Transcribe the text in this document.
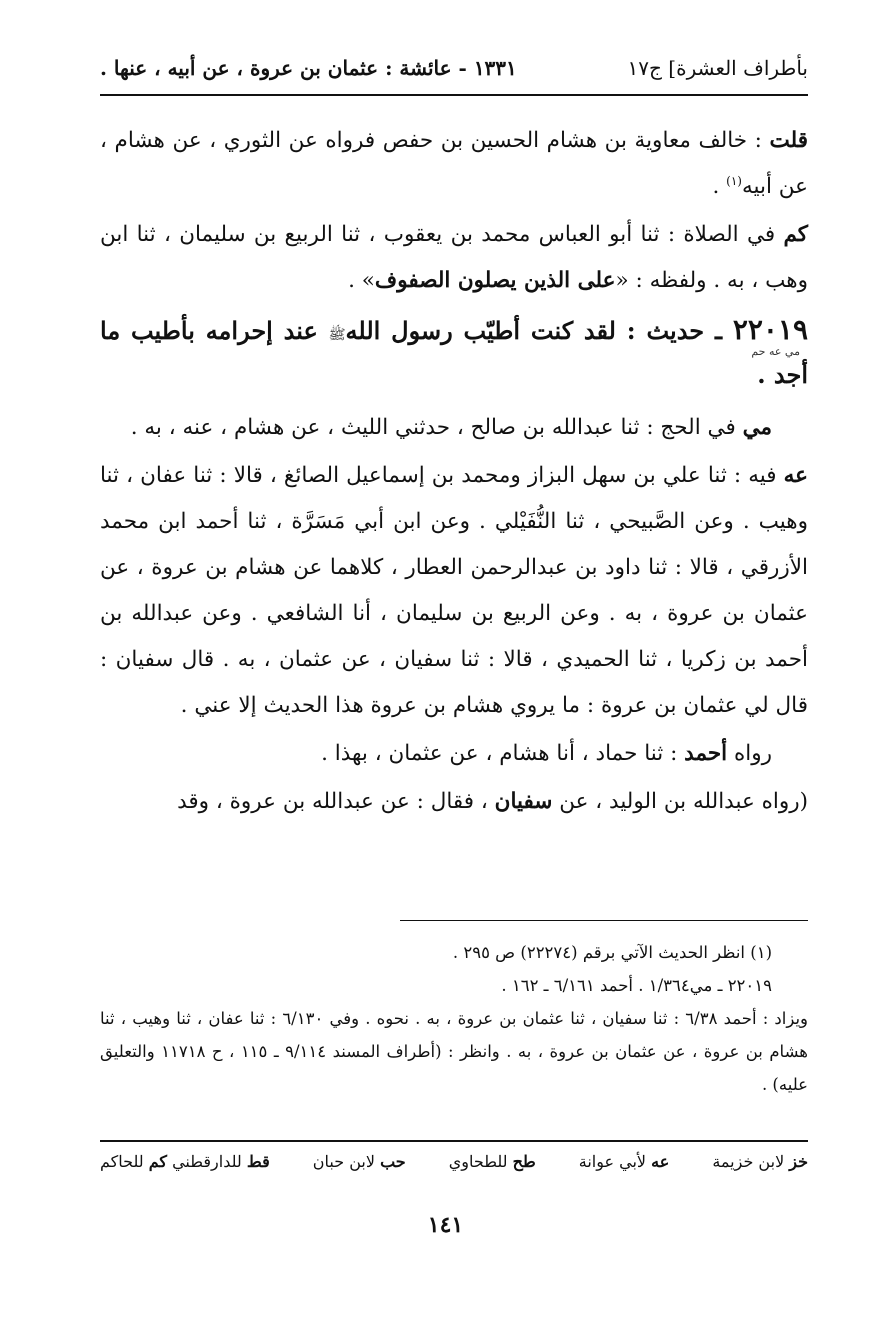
بأطراف العشرة] ج١٧
١٣٣١ - عائشة : عثمان بن عروة ، عن أبيه ، عنها .

قلت : خالف معاوية بن هشام الحسين بن حفص فرواه عن الثوري ، عن هشام ، عن أبيه$^{(١)}$ .

كم في الصلاة : ثنا أبو العباس محمد بن يعقوب ، ثنا الربيع بن سليمان ، ثنا ابن وهب ، به . ولفظه : «على الذين يصلون الصفوف» .

٢٢٠١٩ ـ حديث : لقد كنت أطيّب رسول اللهﷺ عند إحرامه بأطيب ما أجد .
مي عه حم

مي في الحج : ثنا عبدالله بن صالح ، حدثني الليث ، عن هشام ، عنه ، به .

عه فيه : ثنا علي بن سهل البزاز ومحمد بن إسماعيل الصائغ ، قالا : ثنا عفان ، ثنا وهيب . وعن الصَّبيحي ، ثنا النُّفَيْلي . وعن ابن أبي مَسَرَّة ، ثنا أحمد ابن محمد الأزرقي ، قالا : ثنا داود بن عبدالرحمن العطار ، كلاهما عن هشام بن عروة ، عن عثمان بن عروة ، به . وعن الربيع بن سليمان ، أنا الشافعي . وعن عبدالله بن أحمد بن زكريا ، ثنا الحميدي ، قالا : ثنا سفيان ، عن عثمان ، به . قال سفيان : قال لي عثمان بن عروة : ما يروي هشام بن عروة هذا الحديث إلا عني .

رواه أحمد : ثنا حماد ، أنا هشام ، عن عثمان ، بهذا .

(رواه عبدالله بن الوليد ، عن سفيان ، فقال : عن عبدالله بن عروة ، وقد

(١) انظر الحديث الآتي برقم (٢٢٢٧٤) ص ٢٩٥ .
٢٢٠١٩ ـ مي١/٣٦٤ . أحمد ٦/١٦١ ـ ١٦٢ .
ويزاد : أحمد ٦/٣٨ : ثنا سفيان ، ثنا عثمان بن عروة ، به . نحوه . وفي ٦/١٣٠ : ثنا عفان ، ثنا وهيب ، ثنا هشام بن عروة ، عن عثمان بن عروة ، به . وانظر : (أطراف المسند ٩/١١٤ ـ ١١٥ ، ح ١١٧١٨ والتعليق عليه) .
خز لابن خزيمة
عه لأبي عوانة
طح للطحاوي
حب لابن حبان
قط للدارقطني كم للحاكم
١٤١
